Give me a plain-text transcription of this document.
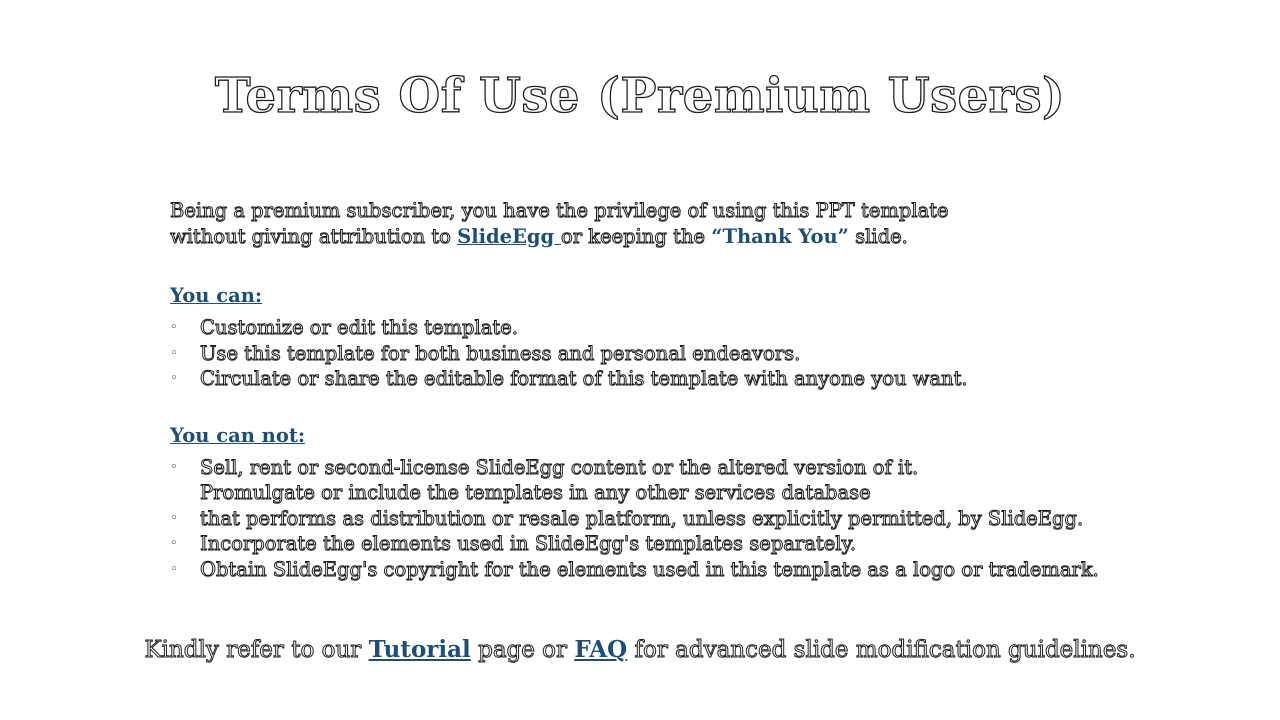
Terms Of Use (Premium Users)

Being a premium subscriber, you have the privilege of using this PPT template
without giving attribution to SlideEgg or keeping the “Thank You” slide.

You can:

◦ Customize or edit this template.
◦ Use this template for both business and personal endeavors.
◦ Circulate or share the editable format of this template with anyone you want.

You can not:

◦ Sell, rent or second-license SlideEgg content or the altered version of it.
Promulgate or include the templates in any other services database
◦ that performs as distribution or resale platform, unless explicitly permitted, by SlideEgg.
◦ Incorporate the elements used in SlideEgg's templates separately.
◦ Obtain SlideEgg's copyright for the elements used in this template as a logo or trademark.

Kindly refer to our Tutorial page or FAQ for advanced slide modification guidelines.
